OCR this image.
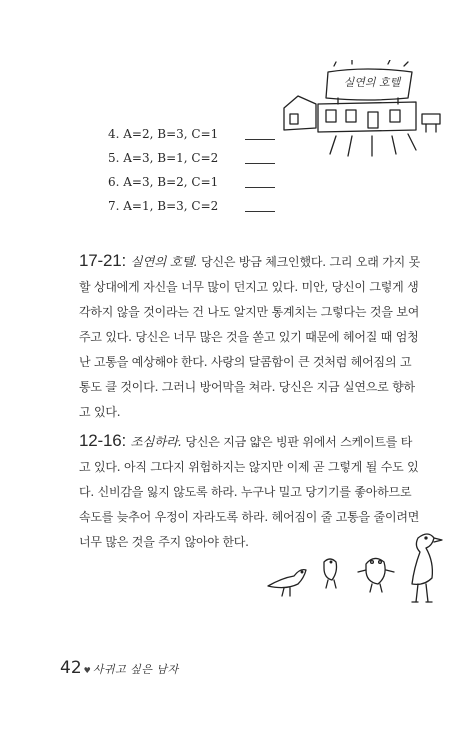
실연의 호텔
4. A=2, B=3, C=1
5. A=3, B=1, C=2
6. A=3, B=2, C=1
7. A=1, B=3, C=2

17-21: 실연의 호텔. 당신은 방금 체크인했다. 그리 오래 가지 못할 상대에게 자신을 너무 많이 던지고 있다. 미안, 당신이 그렇게 생각하지 않을 것이라는 건 나도 알지만 통계치는 그렇다는 것을 보여 주고 있다. 당신은 너무 많은 것을 쏟고 있기 때문에 헤어질 때 엄청난 고통을 예상해야 한다. 사랑의 달콤함이 큰 것처럼 헤어짐의 고통도 클 것이다. 그러니 방어막을 쳐라. 당신은 지금 실연으로 향하고 있다.

12-16: 조심하라. 당신은 지금 얇은 빙판 위에서 스케이트를 타고 있다. 아직 그다지 위험하지는 않지만 이제 곧 그렇게 될 수도 있다. 신비감을 잃지 않도록 하라. 누구나 밀고 당기기를 좋아하므로 속도를 늦추어 우정이 자라도록 하라. 헤어짐이 줄 고통을 줄이려면 너무 많은 것을 주지 않아야 한다.

42 ♥ 사귀고 싶은 남자
